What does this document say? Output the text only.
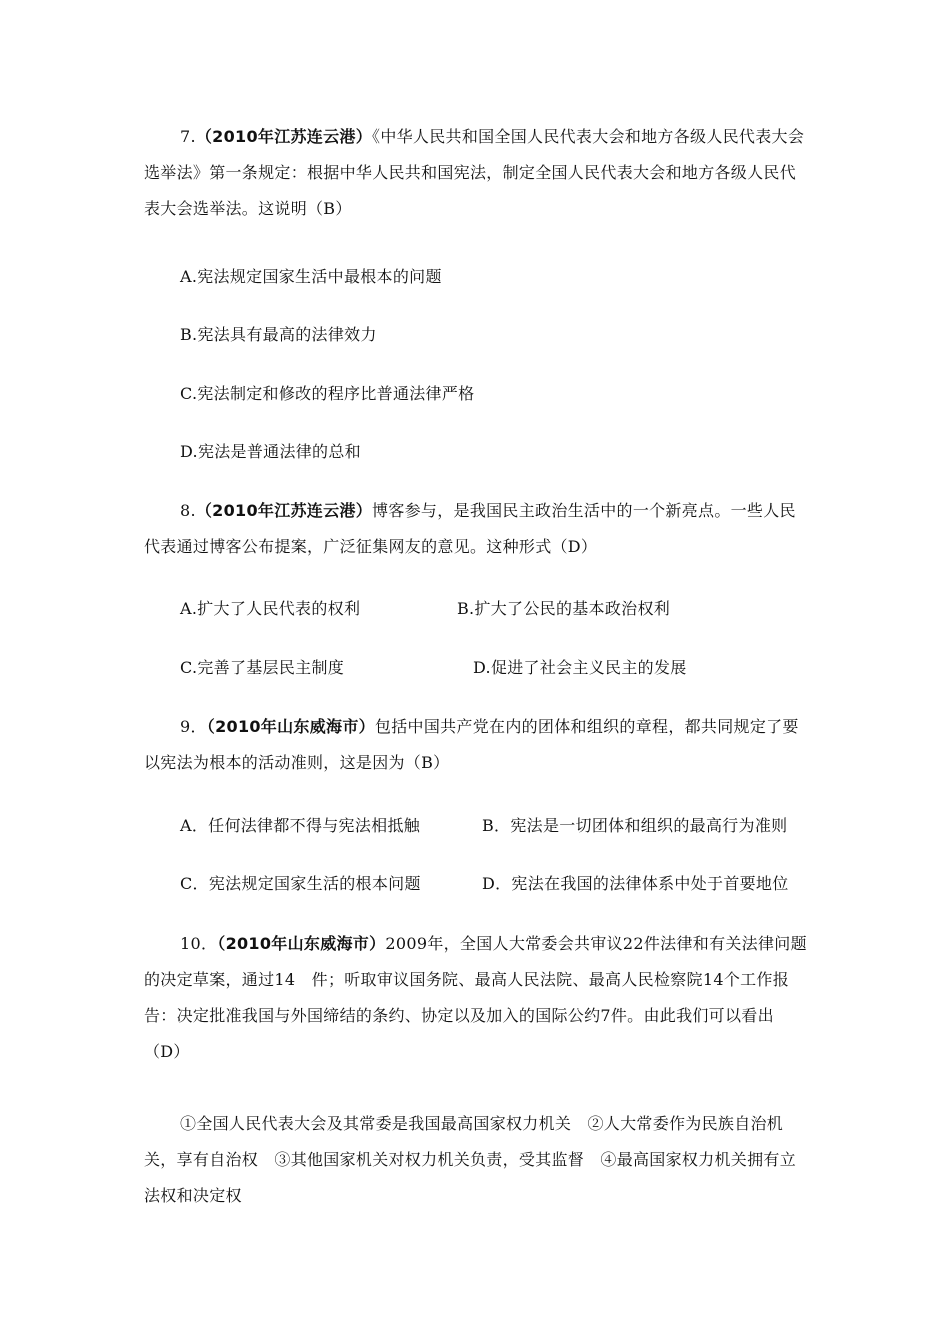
7.（2010年江苏连云港）《中华人民共和国全国人民代表大会和地方各级人民代表大会选举法》第一条规定：根据中华人民共和国宪法，制定全国人民代表大会和地方各级人民代表大会选举法。这说明（B）
A.宪法规定国家生活中最根本的问题
B.宪法具有最高的法律效力
C.宪法制定和修改的程序比普通法律严格
D.宪法是普通法律的总和
8.（2010年江苏连云港）博客参与，是我国民主政治生活中的一个新亮点。一些人民代表通过博客公布提案，广泛征集网友的意见。这种形式（D）
A.扩大了人民代表的权利	B.扩大了公民的基本政治权利
C.完善了基层民主制度	D.促进了社会主义民主的发展
9．（2010年山东威海市）包括中国共产党在内的团体和组织的章程，都共同规定了要以宪法为根本的活动准则，这是因为（B）
A．任何法律都不得与宪法相抵触	B．宪法是一切团体和组织的最高行为准则
C．宪法规定国家生活的根本问题	D．宪法在我国的法律体系中处于首要地位
10．（2010年山东威海市）2009年，全国人大常委会共审议22件法律和有关法律问题的决定草案，通过14　件；听取审议国务院、最高人民法院、最高人民检察院14个工作报告：决定批准我国与外国缔结的条约、协定以及加入的国际公约7件。由此我们可以看出（D）
①全国人民代表大会及其常委是我国最高国家权力机关　②人大常委作为民族自治机关，享有自治权　③其他国家机关对权力机关负责，受其监督　④最高国家权力机关拥有立法权和决定权
